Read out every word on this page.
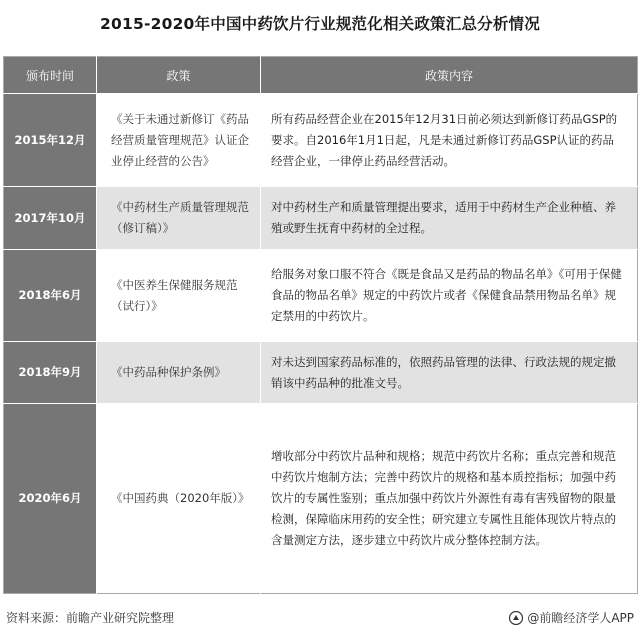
2015-2020年中国中药饮片行业规范化相关政策汇总分析情况
颁布时间	政策	政策内容
2015年12月	《关于未通过新修订《药品经营质量管理规范》认证企业停止经营的公告》	所有药品经营企业在2015年12月31日前必须达到新修订药品GSP的要求。自2016年1月1日起，凡是未通过新修订药品GSP认证的药品经营企业，一律停止药品经营活动。
2017年10月	《中药材生产质量管理规范（修订稿）》	对中药材生产和质量管理提出要求，适用于中药材生产企业种植、养殖或野生抚育中药材的全过程。
2018年6月	《中医养生保健服务规范（试行）》	给服务对象口服不符合《既是食品又是药品的物品名单》《可用于保健食品的物品名单》规定的中药饮片或者《保健食品禁用物品名单》规定禁用的中药饮片。
2018年9月	《中药品种保护条例》	对未达到国家药品标准的，依照药品管理的法律、行政法规的规定撤销该中药品种的批准文号。
2020年6月	《中国药典（2020年版）》	增收部分中药饮片品种和规格；规范中药饮片名称；重点完善和规范中药饮片炮制方法；完善中药饮片的规格和基本质控指标；加强中药饮片的专属性鉴别；重点加强中药饮片外源性有毒有害残留物的限量检测，保障临床用药的安全性；研究建立专属性且能体现饮片特点的含量测定方法，逐步建立中药饮片成分整体控制方法。
资料来源：前瞻产业研究院整理	@前瞻经济学人APP
